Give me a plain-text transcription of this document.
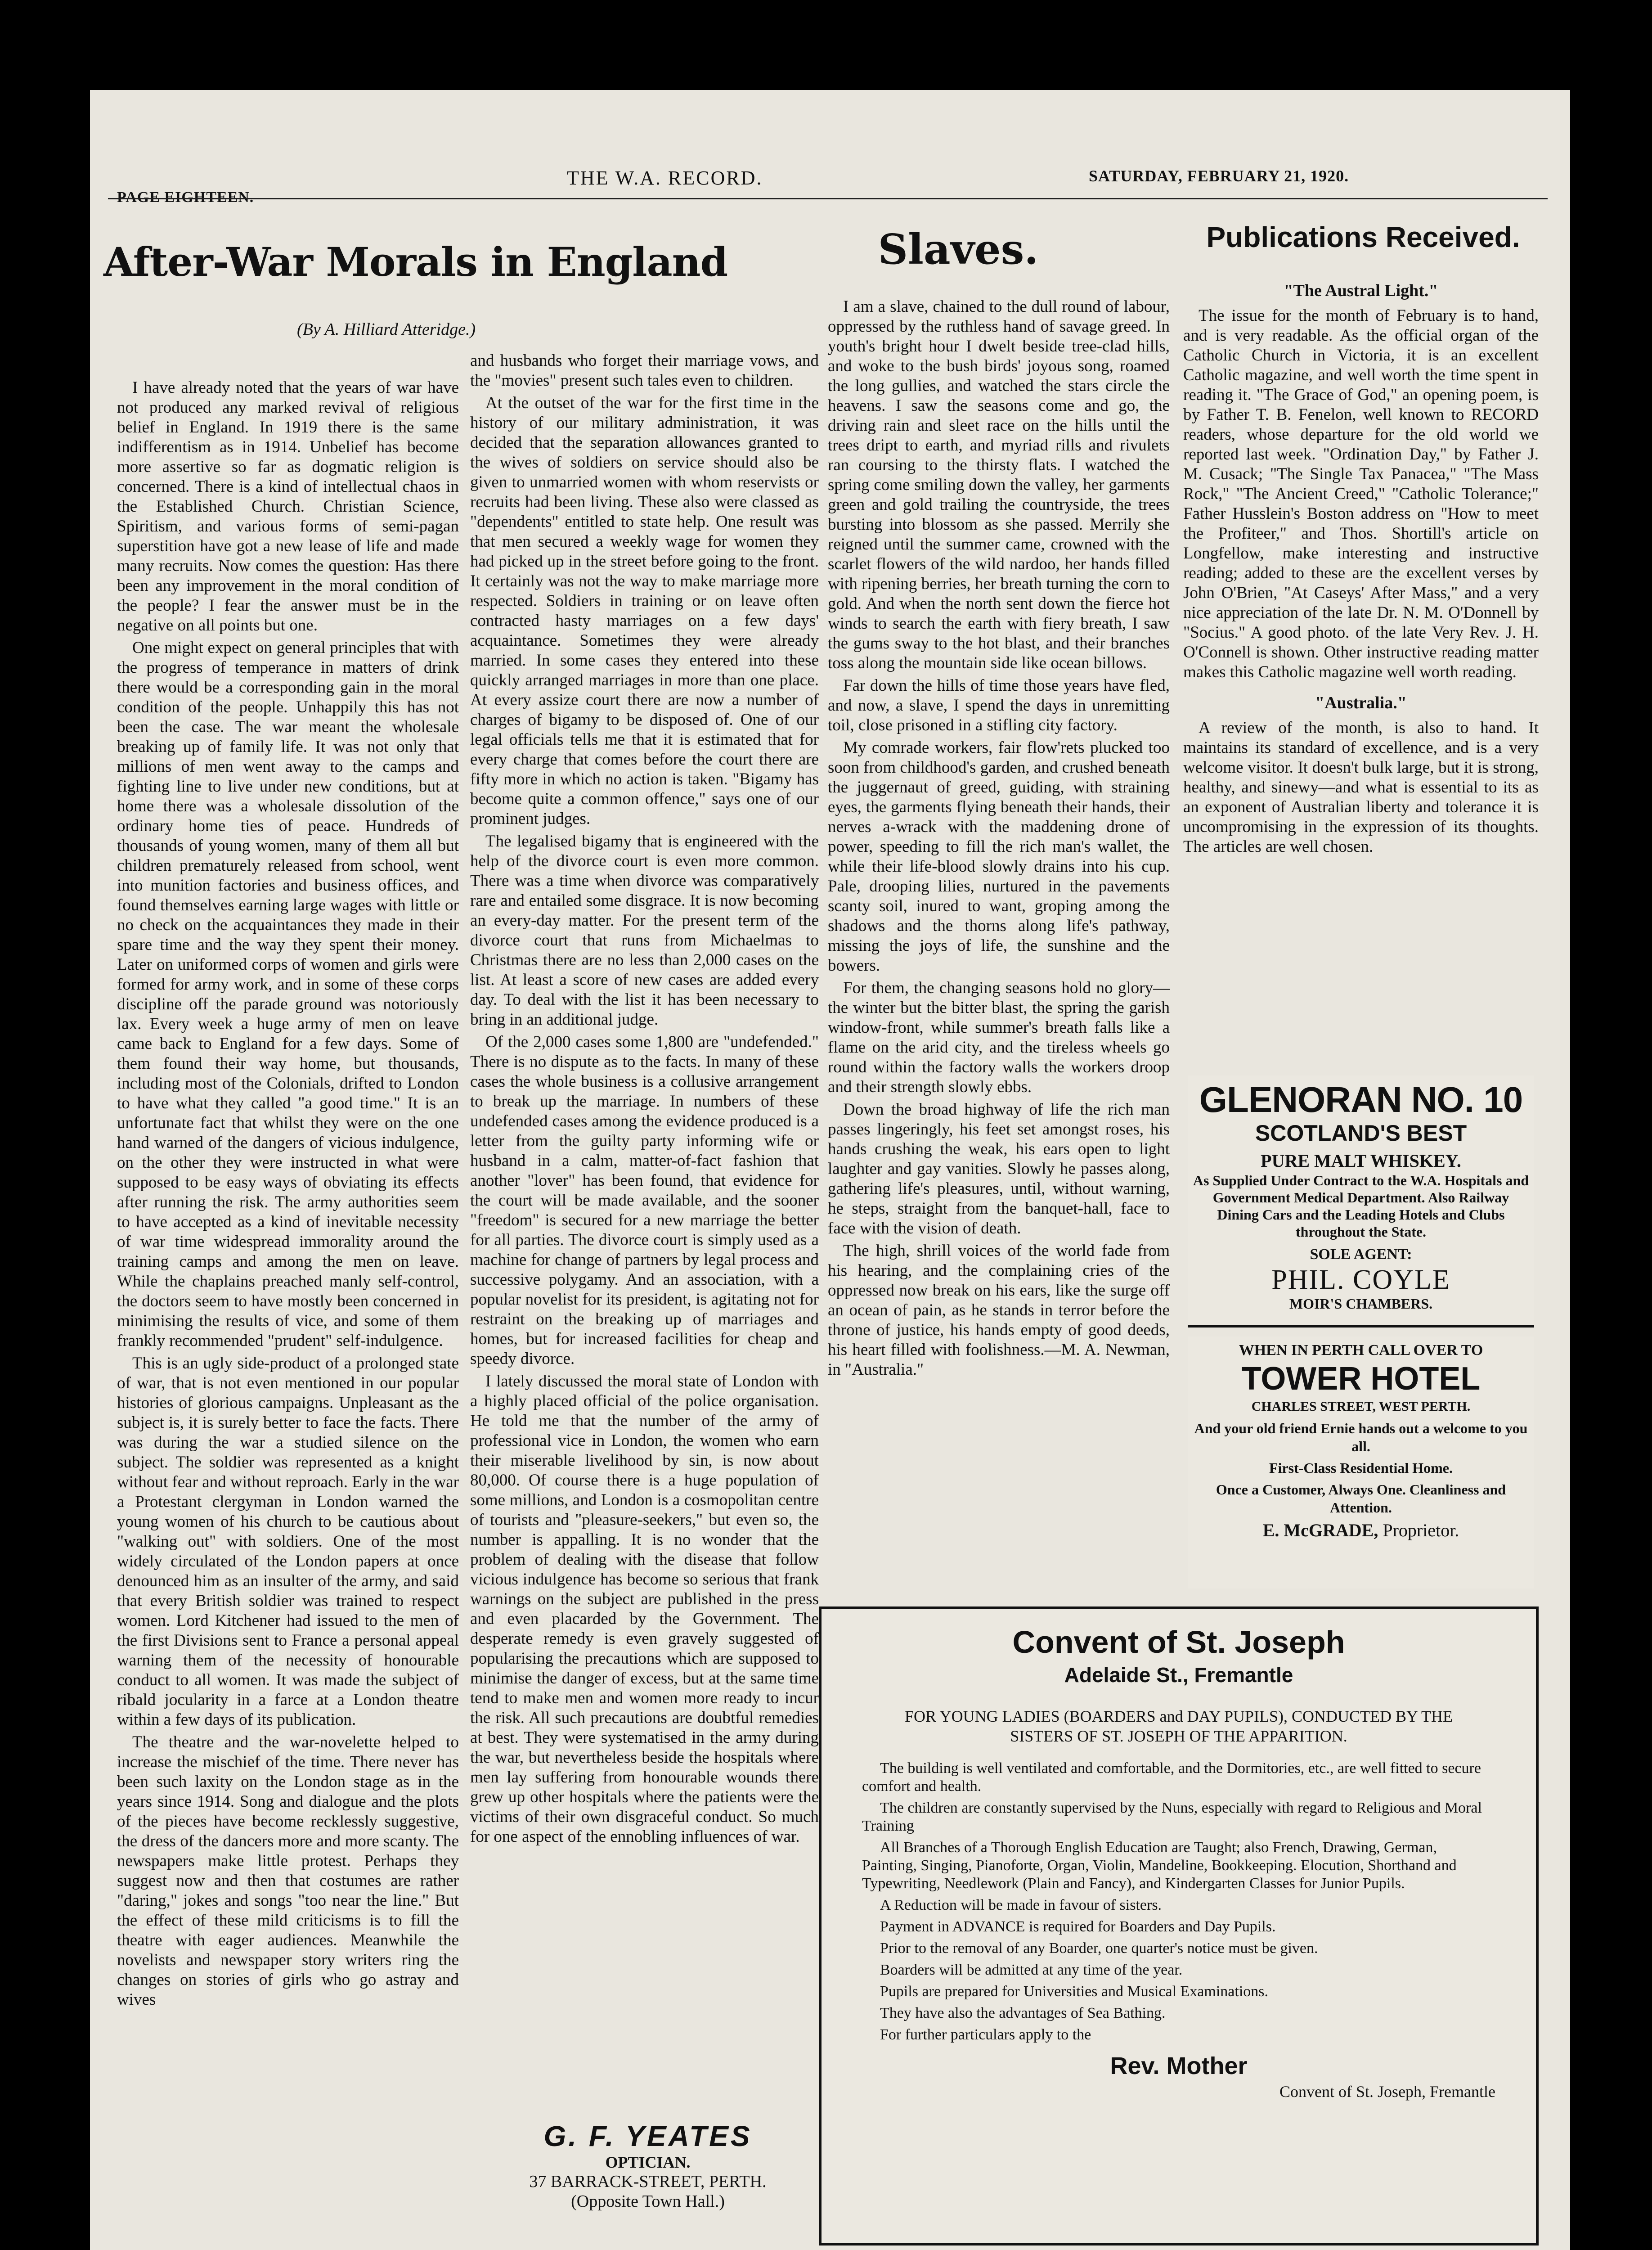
PAGE EIGHTEEN.
THE W.A. RECORD.	SATURDAY, FEBRUARY 21, 1920.
After-War Morals in England
(By A. Hilliard Atteridge.)

I have already noted that the years of war have not produced any marked revival of religious belief in England. In 1919 there is the same indifferentism as in 1914. Unbelief has become more assertive so far as dogmatic religion is concerned. There is a kind of intellectual chaos in the Established Church. Christian Science, Spiritism, and various forms of semi-pagan superstition have got a new lease of life and made many recruits. Now comes the question: Has there been any improvement in the moral condition of the people? I fear the answer must be in the negative on all points but one.

One might expect on general principles that with the progress of temperance in matters of drink there would be a corresponding gain in the moral condition of the people. Unhappily this has not been the case. The war meant the wholesale breaking up of family life. It was not only that millions of men went away to the camps and fighting line to live under new conditions, but at home there was a wholesale dissolution of the ordinary home ties of peace. Hundreds of thousands of young women, many of them all but children prematurely released from school, went into munition factories and business offices, and found themselves earning large wages with little or no check on the acquaintances they made in their spare time and the way they spent their money. Later on uniformed corps of women and girls were formed for army work, and in some of these corps discipline off the parade ground was notoriously lax. Every week a huge army of men on leave came back to England for a few days. Some of them found their way home, but thousands, including most of the Colonials, drifted to London to have what they called "a good time." It is an unfortunate fact that whilst they were on the one hand warned of the dangers of vicious indulgence, on the other they were instructed in what were supposed to be easy ways of obviating its effects after running the risk. The army authorities seem to have accepted as a kind of inevitable necessity of war time widespread immorality around the training camps and among the men on leave. While the chaplains preached manly self-control, the doctors seem to have mostly been concerned in minimising the results of vice, and some of them frankly recommended "prudent" self-indulgence.

This is an ugly side-product of a prolonged state of war, that is not even mentioned in our popular histories of glorious campaigns. Unpleasant as the subject is, it is surely better to face the facts. There was during the war a studied silence on the subject. The soldier was represented as a knight without fear and without reproach. Early in the war a Protestant clergyman in London warned the young women of his church to be cautious about "walking out" with soldiers. One of the most widely circulated of the London papers at once denounced him as an insulter of the army, and said that every British soldier was trained to respect women. Lord Kitchener had issued to the men of the first Divisions sent to France a personal appeal warning them of the necessity of honourable conduct to all women. It was made the subject of ribald jocularity in a farce at a London theatre within a few days of its publication.

The theatre and the war-novelette helped to increase the mischief of the time. There never has been such laxity on the London stage as in the years since 1914. Song and dialogue and the plots of the pieces have become recklessly suggestive, the dress of the dancers more and more scanty. The newspapers make little protest. Perhaps they suggest now and then that costumes are rather "daring," jokes and songs "too near the line." But the effect of these mild criticisms is to fill the theatre with eager audiences. Meanwhile the novelists and newspaper story writers ring the changes on stories of girls who go astray and wives

and husbands who forget their marriage vows, and the "movies" present such tales even to children.

At the outset of the war for the first time in the history of our military administration, it was decided that the separation allowances granted to the wives of soldiers on service should also be given to unmarried women with whom reservists or recruits had been living. These also were classed as "dependents" entitled to state help. One result was that men secured a weekly wage for women they had picked up in the street before going to the front. It certainly was not the way to make marriage more respected. Soldiers in training or on leave often contracted hasty marriages on a few days' acquaintance. Sometimes they were already married. In some cases they entered into these quickly arranged marriages in more than one place. At every assize court there are now a number of charges of bigamy to be disposed of. One of our legal officials tells me that it is estimated that for every charge that comes before the court there are fifty more in which no action is taken. "Bigamy has become quite a common offence," says one of our prominent judges.

The legalised bigamy that is engineered with the help of the divorce court is even more common. There was a time when divorce was comparatively rare and entailed some disgrace. It is now becoming an every-day matter. For the present term of the divorce court that runs from Michaelmas to Christmas there are no less than 2,000 cases on the list. At least a score of new cases are added every day. To deal with the list it has been necessary to bring in an additional judge.

Of the 2,000 cases some 1,800 are "undefended." There is no dispute as to the facts. In many of these cases the whole business is a collusive arrangement to break up the marriage. In numbers of these undefended cases among the evidence produced is a letter from the guilty party informing wife or husband in a calm, matter-of-fact fashion that another "lover" has been found, that evidence for the court will be made available, and the sooner "freedom" is secured for a new marriage the better for all parties. The divorce court is simply used as a machine for change of partners by legal process and successive polygamy. And an association, with a popular novelist for its president, is agitating not for restraint on the breaking up of marriages and homes, but for increased facilities for cheap and speedy divorce.

I lately discussed the moral state of London with a highly placed official of the police organisation. He told me that the number of the army of professional vice in London, the women who earn their miserable livelihood by sin, is now about 80,000. Of course there is a huge population of some millions, and London is a cosmopolitan centre of tourists and "pleasure-seekers," but even so, the number is appalling. It is no wonder that the problem of dealing with the disease that follow vicious indulgence has become so serious that frank warnings on the subject are published in the press and even placarded by the Government. The desperate remedy is even gravely suggested of popularising the precautions which are supposed to minimise the danger of excess, but at the same time tend to make men and women more ready to incur the risk. All such precautions are doubtful remedies at best. They were systematised in the army during the war, but nevertheless beside the hospitals where men lay suffering from honourable wounds there grew up other hospitals where the patients were the victims of their own disgraceful conduct. So much for one aspect of the ennobling influences of war.

G. F. YEATES
OPTICIAN.
37 BARRACK-STREET, PERTH.
(Opposite Town Hall.)
Slaves.

I am a slave, chained to the dull round of labour, oppressed by the ruthless hand of savage greed. In youth's bright hour I dwelt beside tree-clad hills, and woke to the bush birds' joyous song, roamed the long gullies, and watched the stars circle the heavens. I saw the seasons come and go, the driving rain and sleet race on the hills until the trees dript to earth, and myriad rills and rivulets ran coursing to the thirsty flats. I watched the spring come smiling down the valley, her garments green and gold trailing the countryside, the trees bursting into blossom as she passed. Merrily she reigned until the summer came, crowned with the scarlet flowers of the wild nardoo, her hands filled with ripening berries, her breath turning the corn to gold. And when the north sent down the fierce hot winds to search the earth with fiery breath, I saw the gums sway to the hot blast, and their branches toss along the mountain side like ocean billows.

Far down the hills of time those years have fled, and now, a slave, I spend the days in unremitting toil, close prisoned in a stifling city factory.

My comrade workers, fair flow'rets plucked too soon from childhood's garden, and crushed beneath the juggernaut of greed, guiding, with straining eyes, the garments flying beneath their hands, their nerves a-wrack with the maddening drone of power, speeding to fill the rich man's wallet, the while their life-blood slowly drains into his cup. Pale, drooping lilies, nurtured in the pavements scanty soil, inured to want, groping among the shadows and the thorns along life's pathway, missing the joys of life, the sunshine and the bowers.

For them, the changing seasons hold no glory—the winter but the bitter blast, the spring the garish window-front, while summer's breath falls like a flame on the arid city, and the tireless wheels go round within the factory walls the workers droop and their strength slowly ebbs.

Down the broad highway of life the rich man passes lingeringly, his feet set amongst roses, his hands crushing the weak, his ears open to light laughter and gay vanities. Slowly he passes along, gathering life's pleasures, until, without warning, he steps, straight from the banquet-hall, face to face with the vision of death.

The high, shrill voices of the world fade from his hearing, and the complaining cries of the oppressed now break on his ears, like the surge off an ocean of pain, as he stands in terror before the throne of justice, his hands empty of good deeds, his heart filled with foolishness.—M. A. Newman, in "Australia."

Publications Received.
"The Austral Light."

The issue for the month of February is to hand, and is very readable. As the official organ of the Catholic Church in Victoria, it is an excellent Catholic magazine, and well worth the time spent in reading it. "The Grace of God," an opening poem, is by Father T. B. Fenelon, well known to RECORD readers, whose departure for the old world we reported last week. "Ordination Day," by Father J. M. Cusack; "The Single Tax Panacea," "The Mass Rock," "The Ancient Creed," "Catholic Tolerance;" Father Husslein's Boston address on "How to meet the Profiteer," and Thos. Shortill's article on Longfellow, make interesting and instructive reading; added to these are the excellent verses by John O'Brien, "At Caseys' After Mass," and a very nice appreciation of the late Dr. N. M. O'Donnell by "Socius." A good photo. of the late Very Rev. J. H. O'Connell is shown. Other instructive reading matter makes this Catholic magazine well worth reading.

"Australia."

A review of the month, is also to hand. It maintains its standard of excellence, and is a very welcome visitor. It doesn't bulk large, but it is strong, healthy, and sinewy—and what is essential to its as an exponent of Australian liberty and tolerance it is uncompromising in the expression of its thoughts. The articles are well chosen.

GLENORAN NO. 10

SCOTLAND'S BEST

PURE MALT WHISKEY.

As Supplied Under Contract to the W.A. Hospitals and Government Medical Department. Also Railway Dining Cars and the Leading Hotels and Clubs throughout the State.

SOLE AGENT:

PHIL. COYLE

MOIR'S CHAMBERS.

WHEN IN PERTH CALL OVER TO

TOWER HOTEL

CHARLES STREET, WEST PERTH.

And your old friend Ernie hands out a welcome to you all.

First-Class Residential Home.

Once a Customer, Always One. Cleanliness and Attention.

E. McGRADE, Proprietor.

Convent of St. Joseph

Adelaide St., Fremantle

FOR YOUNG LADIES (BOARDERS and DAY PUPILS), CONDUCTED BY THE SISTERS OF ST. JOSEPH OF THE APPARITION.

The building is well ventilated and comfortable, and the Dormitories, etc., are well fitted to secure comfort and health.

The children are constantly supervised by the Nuns, especially with regard to Religious and Moral Training

All Branches of a Thorough English Education are Taught; also French, Drawing, German, Painting, Singing, Pianoforte, Organ, Violin, Mandeline, Bookkeeping. Elocution, Shorthand and Typewriting, Needlework (Plain and Fancy), and Kindergarten Classes for Junior Pupils.

A Reduction will be made in favour of sisters.

Payment in ADVANCE is required for Boarders and Day Pupils.

Prior to the removal of any Boarder, one quarter's notice must be given.

Boarders will be admitted at any time of the year.

Pupils are prepared for Universities and Musical Examinations.

They have also the advantages of Sea Bathing.

For further particulars apply to the

Rev. Mother

Convent of St. Joseph, Fremantle
